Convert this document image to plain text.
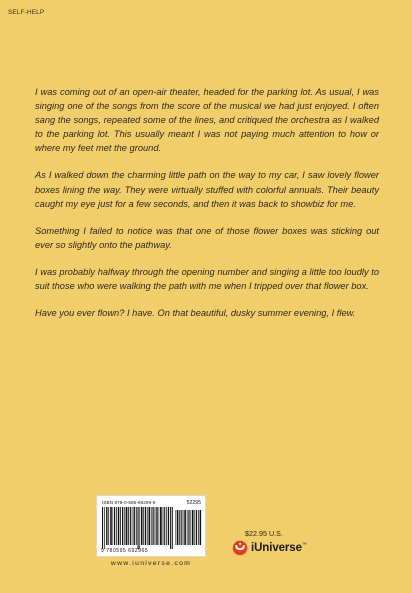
SELF-HELP

I was coming out of an open-air theater, headed for the parking lot. As usual, I was singing one of the songs from the score of the musical we had just enjoyed. I often sang the songs, repeated some of the lines, and critiqued the orchestra as I walked to the parking lot. This usually meant I was not paying much attention to how or where my feet met the ground.

As I walked down the charming little path on the way to my car, I saw lovely flower boxes lining the way. They were virtually stuffed with colorful annuals. Their beauty caught my eye just for a few seconds, and then it was back to showbiz for me.

Something I failed to notice was that one of those flower boxes was sticking out ever so slightly onto the pathway.

I was probably halfway through the opening number and singing a little too loudly to suit those who were walking the path with me when I tripped over that flower box.

Have you ever flown? I have. On that beautiful, dusky summer evening, I flew.

ISBN 978-0-595-69296-5	52295
9 780595 692965
www.iuniverse.com
$22.95 U.S.
iUniverse™
